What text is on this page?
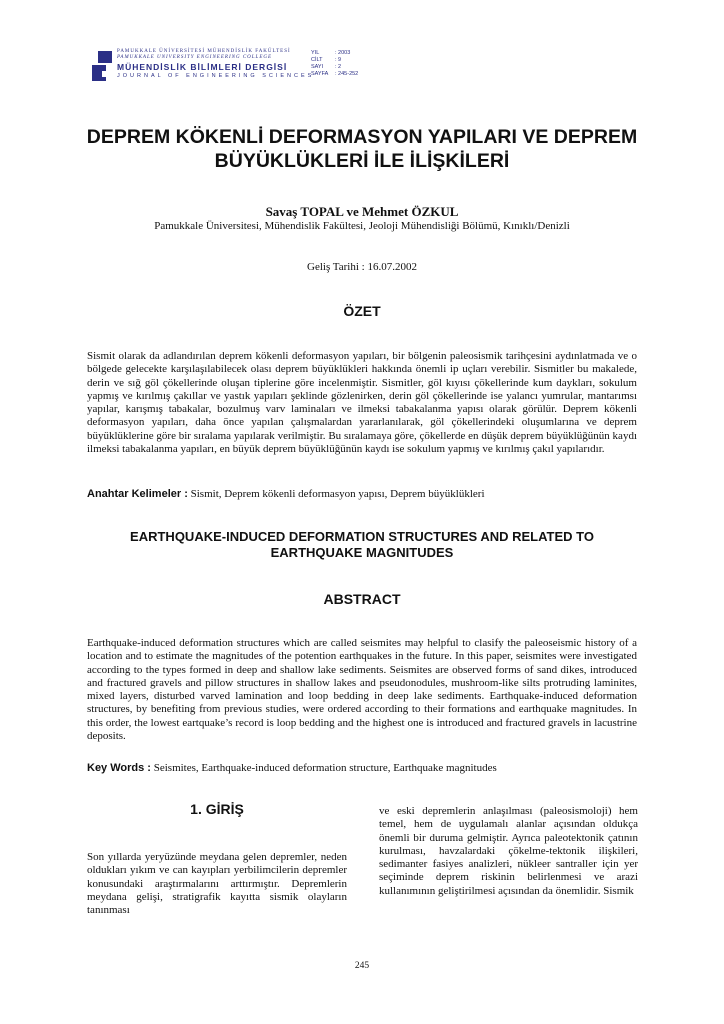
PAMUKKALE ÜNİVERSİTESİ MÜHENDİSLİK FAKÜLTESİ
PAMUKKALE UNIVERSITY ENGINEERING COLLEGE
MÜHENDİSLİK BİLİMLERİ DERGİSİ
JOURNAL OF ENGINEERING SCIENCES
YIL	: 2003
CİLT	: 9
SAYI	: 2
SAYFA	: 245-252
DEPREM KÖKENLİ DEFORMASYON YAPILARI VE DEPREM
BÜYÜKLÜKLERİ İLE İLİŞKİLERİ
Savaş TOPAL ve Mehmet ÖZKUL
Pamukkale Üniversitesi, Mühendislik Fakültesi, Jeoloji Mühendisliği Bölümü, Kınıklı/Denizli
Geliş Tarihi : 16.07.2002
ÖZET

Sismit olarak da adlandırılan deprem kökenli deformasyon yapıları, bir bölgenin paleosismik tarihçesini aydınlatmada ve o bölgede gelecekte karşılaşılabilecek olası deprem büyüklükleri hakkında önemli ip uçları verebilir. Sismitler bu makalede, derin ve sığ göl çökellerinde oluşan tiplerine göre incelenmiştir. Sismitler, göl kıyısı çökellerinde kum daykları, sokulum yapmış ve kırılmış çakıllar ve yastık yapıları şeklinde gözlenirken, derin göl çökellerinde ise yalancı yumrular, mantarımsı yapılar, karışmış tabakalar, bozulmuş varv laminaları ve ilmeksi tabakalanma yapısı olarak görülür. Deprem kökenli deformasyon yapıları, daha önce yapılan çalışmalardan yararlanılarak, göl çökellerindeki oluşumlarına ve deprem büyüklüklerine göre bir sıralama yapılarak verilmiştir. Bu sıralamaya göre, çökellerde en düşük deprem büyüklüğünün kaydı ilmeksi tabakalanma yapıları, en büyük deprem büyüklüğünün kaydı ise sokulum yapmış ve kırılmış çakıl yapılarıdır.

Anahtar Kelimeler : Sismit, Deprem kökenli deformasyon yapısı, Deprem büyüklükleri
EARTHQUAKE-INDUCED DEFORMATION STRUCTURES AND RELATED TO
EARTHQUAKE MAGNITUDES
ABSTRACT

Earthquake-induced deformation structures which are called seismites may helpful to clasify the paleoseismic history of a location and to estimate the magnitudes of the potention earthquakes in the future. In this paper, seismites were investigated according to the types formed in deep and shallow lake sediments. Seismites are observed forms of sand dikes, introduced and fractured gravels and pillow structures in shallow lakes and pseudonodules, mushroom-like silts protruding laminites, mixed layers, disturbed varved lamination and loop bedding in deep lake sediments. Earthquake-induced deformation structures, by benefiting from previous studies, were ordered according to their formations and earthquake magnitudes. In this order, the lowest eartquake’s record is loop bedding and the highest one is introduced and fractured gravels in lacustrine deposits.

Key Words : Seismites, Earthquake-induced deformation structure, Earthquake magnitudes
1. GİRİŞ

Son yıllarda yeryüzünde meydana gelen depremler, neden oldukları yıkım ve can kayıpları yerbilimcilerin depremler konusundaki araştırmalarını arttırmıştır. Depremlerin meydana gelişi, stratigrafik kayıtta sismik olayların tanınması

ve eski depremlerin anlaşılması (paleosismoloji) hem temel, hem de uygulamalı alanlar açısından oldukça önemli bir duruma gelmiştir. Ayrıca paleotektonik çatının kurulması, havzalardaki çökelme-tektonik ilişkileri, sedimanter fasiyes analizleri, nükleer santraller için yer seçiminde deprem riskinin belirlenmesi ve arazi kullanımının geliştirilmesi açısından da önemlidir. Sismik

245
